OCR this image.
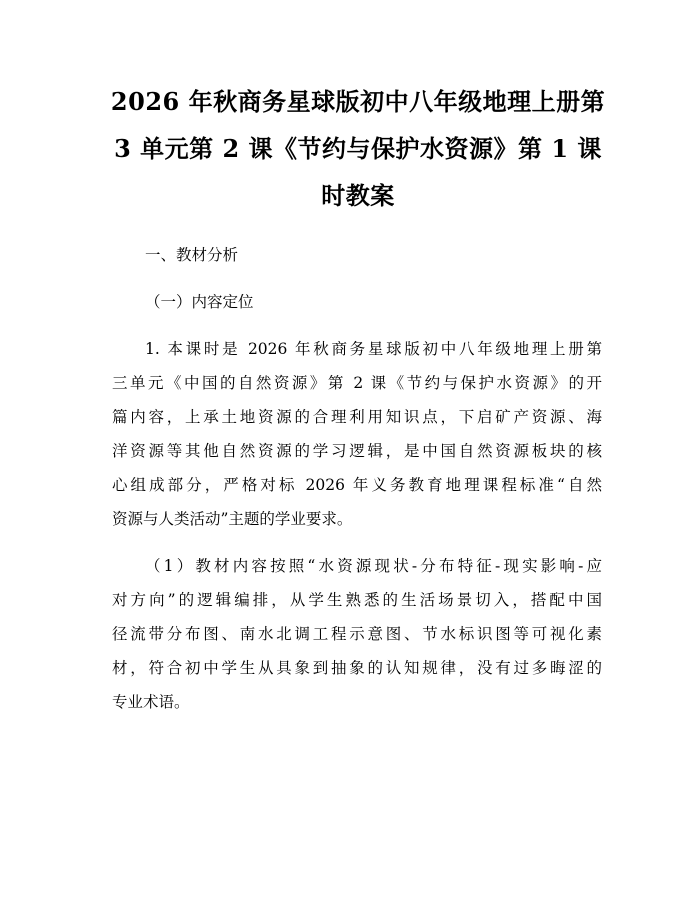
2026 年秋商务星球版初中八年级地理上册第
3 单元第 2 课《节约与保护水资源》第 1 课
时教案
一、教材分析
（一）内容定位
1. 本课时是 2026 年秋商务星球版初中八年级地理上册第
三单元《中国的自然资源》第 2 课《节约与保护水资源》的开
篇内容，上承土地资源的合理利用知识点，下启矿产资源、海
洋资源等其他自然资源的学习逻辑，是中国自然资源板块的核
心组成部分，严格对标 2026 年义务教育地理课程标准“自然
资源与人类活动”主题的学业要求。
（1）教材内容按照“水资源现状-分布特征-现实影响-应
对方向”的逻辑编排，从学生熟悉的生活场景切入，搭配中国
径流带分布图、南水北调工程示意图、节水标识图等可视化素
材，符合初中学生从具象到抽象的认知规律，没有过多晦涩的
专业术语。
